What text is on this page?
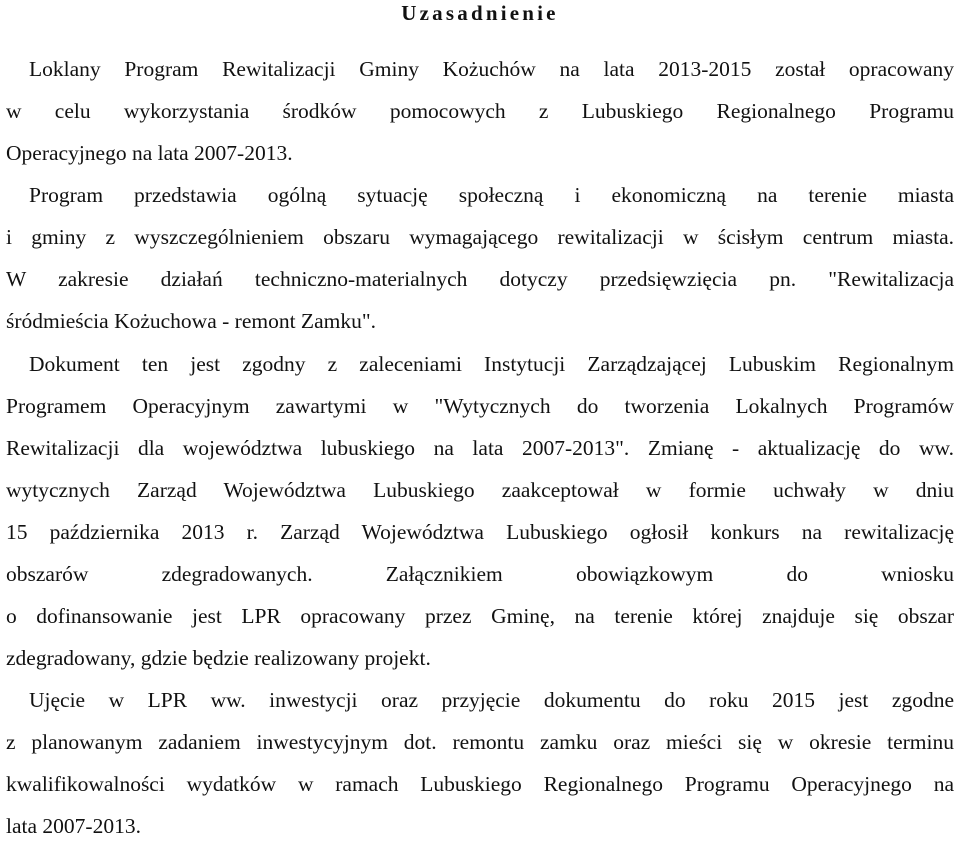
Uzasadnienie
Loklany Program Rewitalizacji Gminy Kożuchów na lata 2013-2015 został opracowany
w celu wykorzystania środków pomocowych z Lubuskiego Regionalnego Programu
Operacyjnego na lata 2007-2013.
Program przedstawia ogólną sytuację społeczną i ekonomiczną na terenie miasta
i gminy z wyszczególnieniem obszaru wymagającego rewitalizacji w ścisłym centrum miasta.
W zakresie działań techniczno-materialnych dotyczy przedsięwzięcia pn. "Rewitalizacja
śródmieścia Kożuchowa - remont Zamku".
Dokument ten jest zgodny z zaleceniami Instytucji Zarządzającej Lubuskim Regionalnym
Programem Operacyjnym zawartymi w "Wytycznych do tworzenia Lokalnych Programów
Rewitalizacji dla województwa lubuskiego na lata 2007-2013". Zmianę - aktualizację do ww.
wytycznych Zarząd Województwa Lubuskiego zaakceptował w formie uchwały w dniu
15 października 2013 r. Zarząd Województwa Lubuskiego ogłosił konkurs na rewitalizację
obszarów zdegradowanych. Załącznikiem obowiązkowym do wniosku
o dofinansowanie jest LPR opracowany przez Gminę, na terenie której znajduje się obszar
zdegradowany, gdzie będzie realizowany projekt.
Ujęcie w LPR ww. inwestycji oraz przyjęcie dokumentu do roku 2015 jest zgodne
z planowanym zadaniem inwestycyjnym dot. remontu zamku oraz mieści się w okresie terminu
kwalifikowalności wydatków w ramach Lubuskiego Regionalnego Programu Operacyjnego na
lata 2007-2013.
